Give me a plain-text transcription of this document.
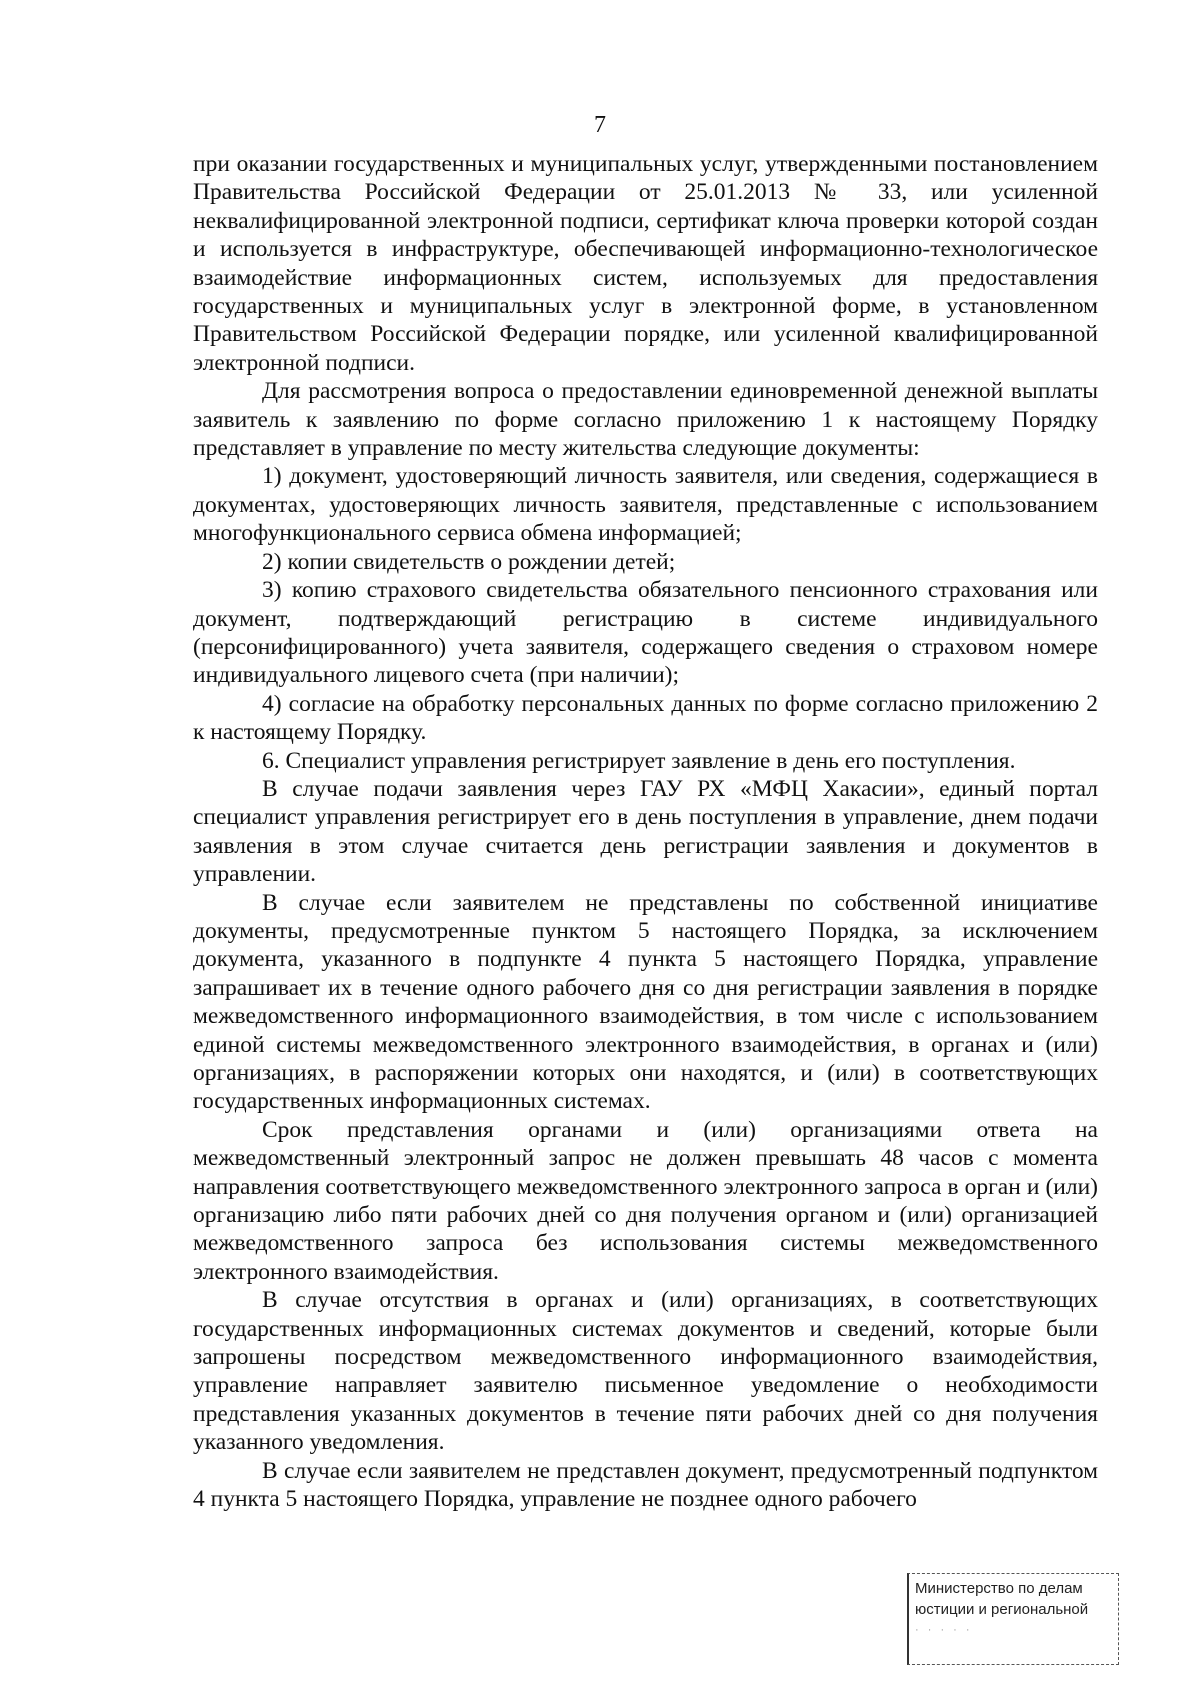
7

при оказании государственных и муниципальных услуг, утвержденными постановлением Правительства Российской Федерации от 25.01.2013 № 33, или усиленной неквалифицированной электронной подписи, сертификат ключа проверки которой создан и используется в инфраструктуре, обеспечивающей информационно-технологическое взаимодействие информационных систем, используемых для предоставления государственных и муниципальных услуг в электронной форме, в установленном Правительством Российской Федерации порядке, или усиленной квалифицированной электронной подписи.

Для рассмотрения вопроса о предоставлении единовременной денежной выплаты заявитель к заявлению по форме согласно приложению 1 к настоящему Порядку представляет в управление по месту жительства следующие документы:

1) документ, удостоверяющий личность заявителя, или сведения, содержащиеся в документах, удостоверяющих личность заявителя, представленные с использованием многофункционального сервиса обмена информацией;

2) копии свидетельств о рождении детей;

3) копию страхового свидетельства обязательного пенсионного страхования или документ, подтверждающий регистрацию в системе индивидуального (персонифицированного) учета заявителя, содержащего сведения о страховом номере индивидуального лицевого счета (при наличии);

4) согласие на обработку персональных данных по форме согласно приложению 2 к настоящему Порядку.

6. Специалист управления регистрирует заявление в день его поступления.

В случае подачи заявления через ГАУ РХ «МФЦ Хакасии», единый портал специалист управления регистрирует его в день поступления в управление, днем подачи заявления в этом случае считается день регистрации заявления и документов в управлении.

В случае если заявителем не представлены по собственной инициативе документы, предусмотренные пунктом 5 настоящего Порядка, за исключением документа, указанного в подпункте 4 пункта 5 настоящего Порядка, управление запрашивает их в течение одного рабочего дня со дня регистрации заявления в порядке межведомственного информационного взаимодействия, в том числе с использованием единой системы межведомственного электронного взаимодействия, в органах и (или) организациях, в распоряжении которых они находятся, и (или) в соответствующих государственных информационных системах.

Срок представления органами и (или) организациями ответа на межведомственный электронный запрос не должен превышать 48 часов с момента направления соответствующего межведомственного электронного запроса в орган и (или) организацию либо пяти рабочих дней со дня получения органом и (или) организацией межведомственного запроса без использования системы межведомственного электронного взаимодействия.

В случае отсутствия в органах и (или) организациях, в соответствующих государственных информационных системах документов и сведений, которые были запрошены посредством межведомственного информационного взаимодействия, управление направляет заявителю письменное уведомление о необходимости представления указанных документов в течение пяти рабочих дней со дня получения указанного уведомления.

В случае если заявителем не представлен документ, предусмотренный подпунктом 4 пункта 5 настоящего Порядка, управление не позднее одного рабочего

Министерство по делам
юстиции и региональной
· · · · ·
